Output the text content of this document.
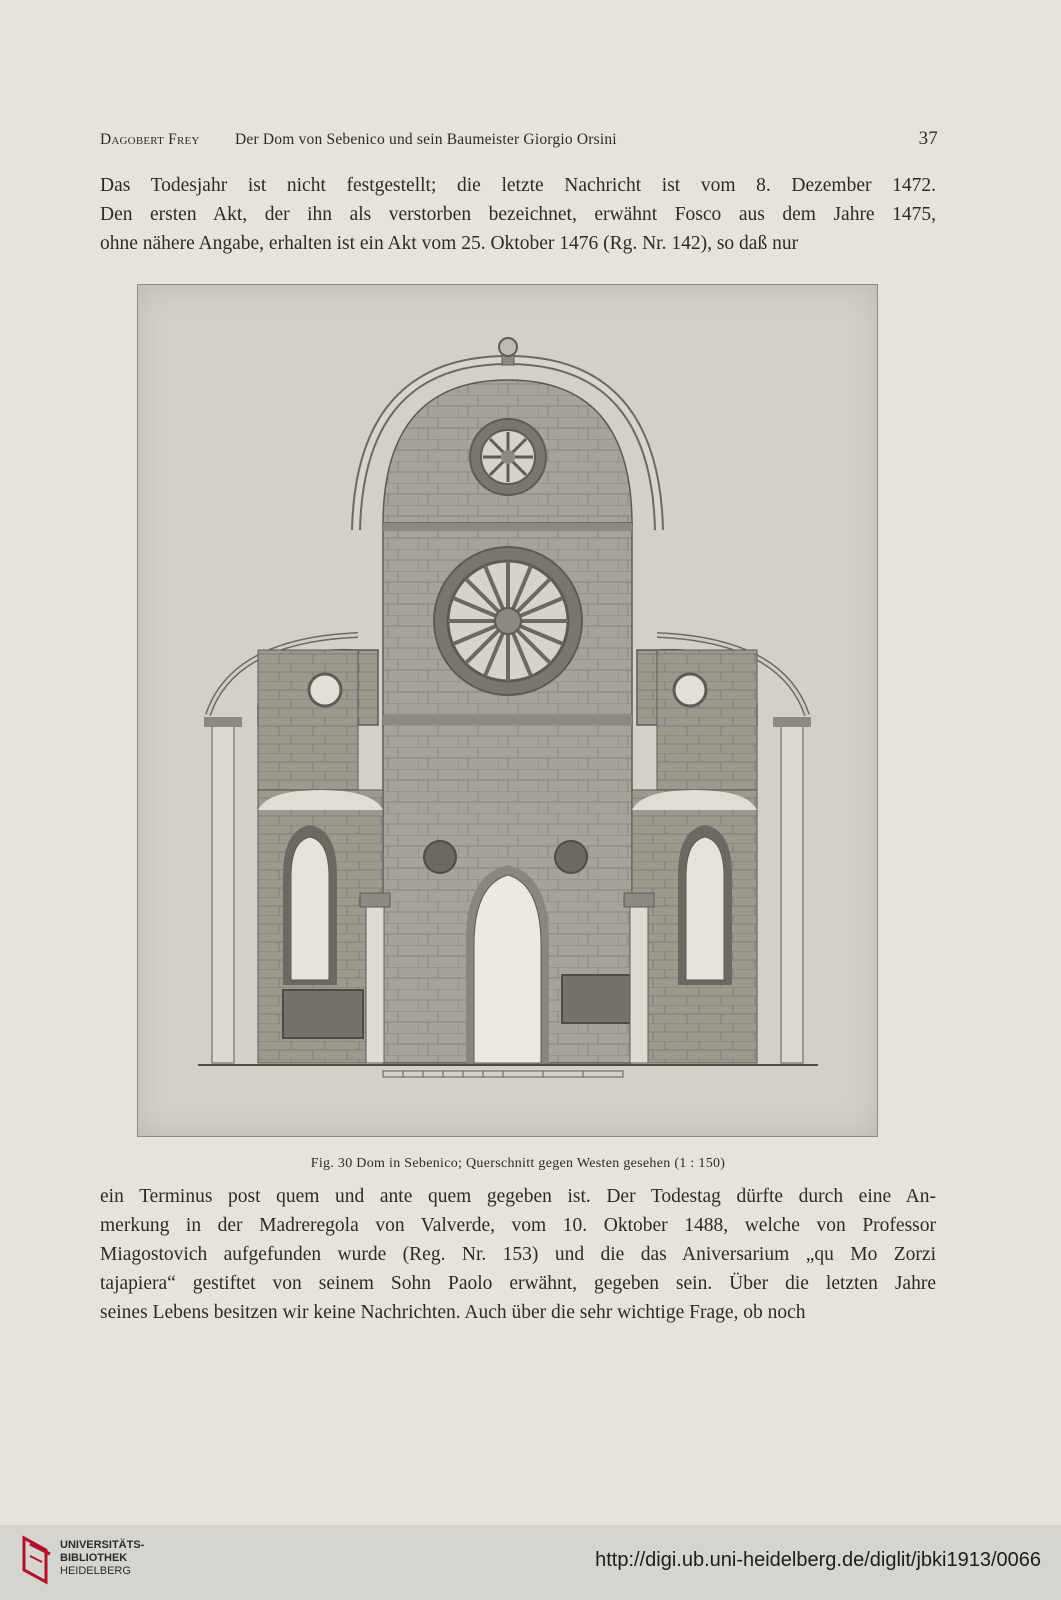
Dagobert Frey Der Dom von Sebenico und sein Baumeister Giorgio Orsini	37

Das Todesjahr ist nicht festgestellt; die letzte Nachricht ist vom 8. Dezember 1472.
Den ersten Akt, der ihn als verstorben bezeichnet, erwähnt Fosco aus dem Jahre 1475,
ohne nähere Angabe, erhalten ist ein Akt vom 25. Oktober 1476 (Rg. Nr. 142), so daß nur

Fig. 30 Dom in Sebenico; Querschnitt gegen Westen gesehen (1 : 150)

ein Terminus post quem und ante quem gegeben ist. Der Todestag dürfte durch eine An-
merkung in der Madreregola von Valverde, vom 10. Oktober 1488, welche von Professor
Miagostovich aufgefunden wurde (Reg. Nr. 153) und die das Aniversarium „qu Mo Zorzi
tajapiera“ gestiftet von seinem Sohn Paolo erwähnt, gegeben sein. Über die letzten Jahre
seines Lebens besitzen wir keine Nachrichten. Auch über die sehr wichtige Frage, ob noch

UNIVERSITÄTS-
BIBLIOTHEK
HEIDELBERG	http://digi.ub.uni-heidelberg.de/diglit/jbki1913/0066
